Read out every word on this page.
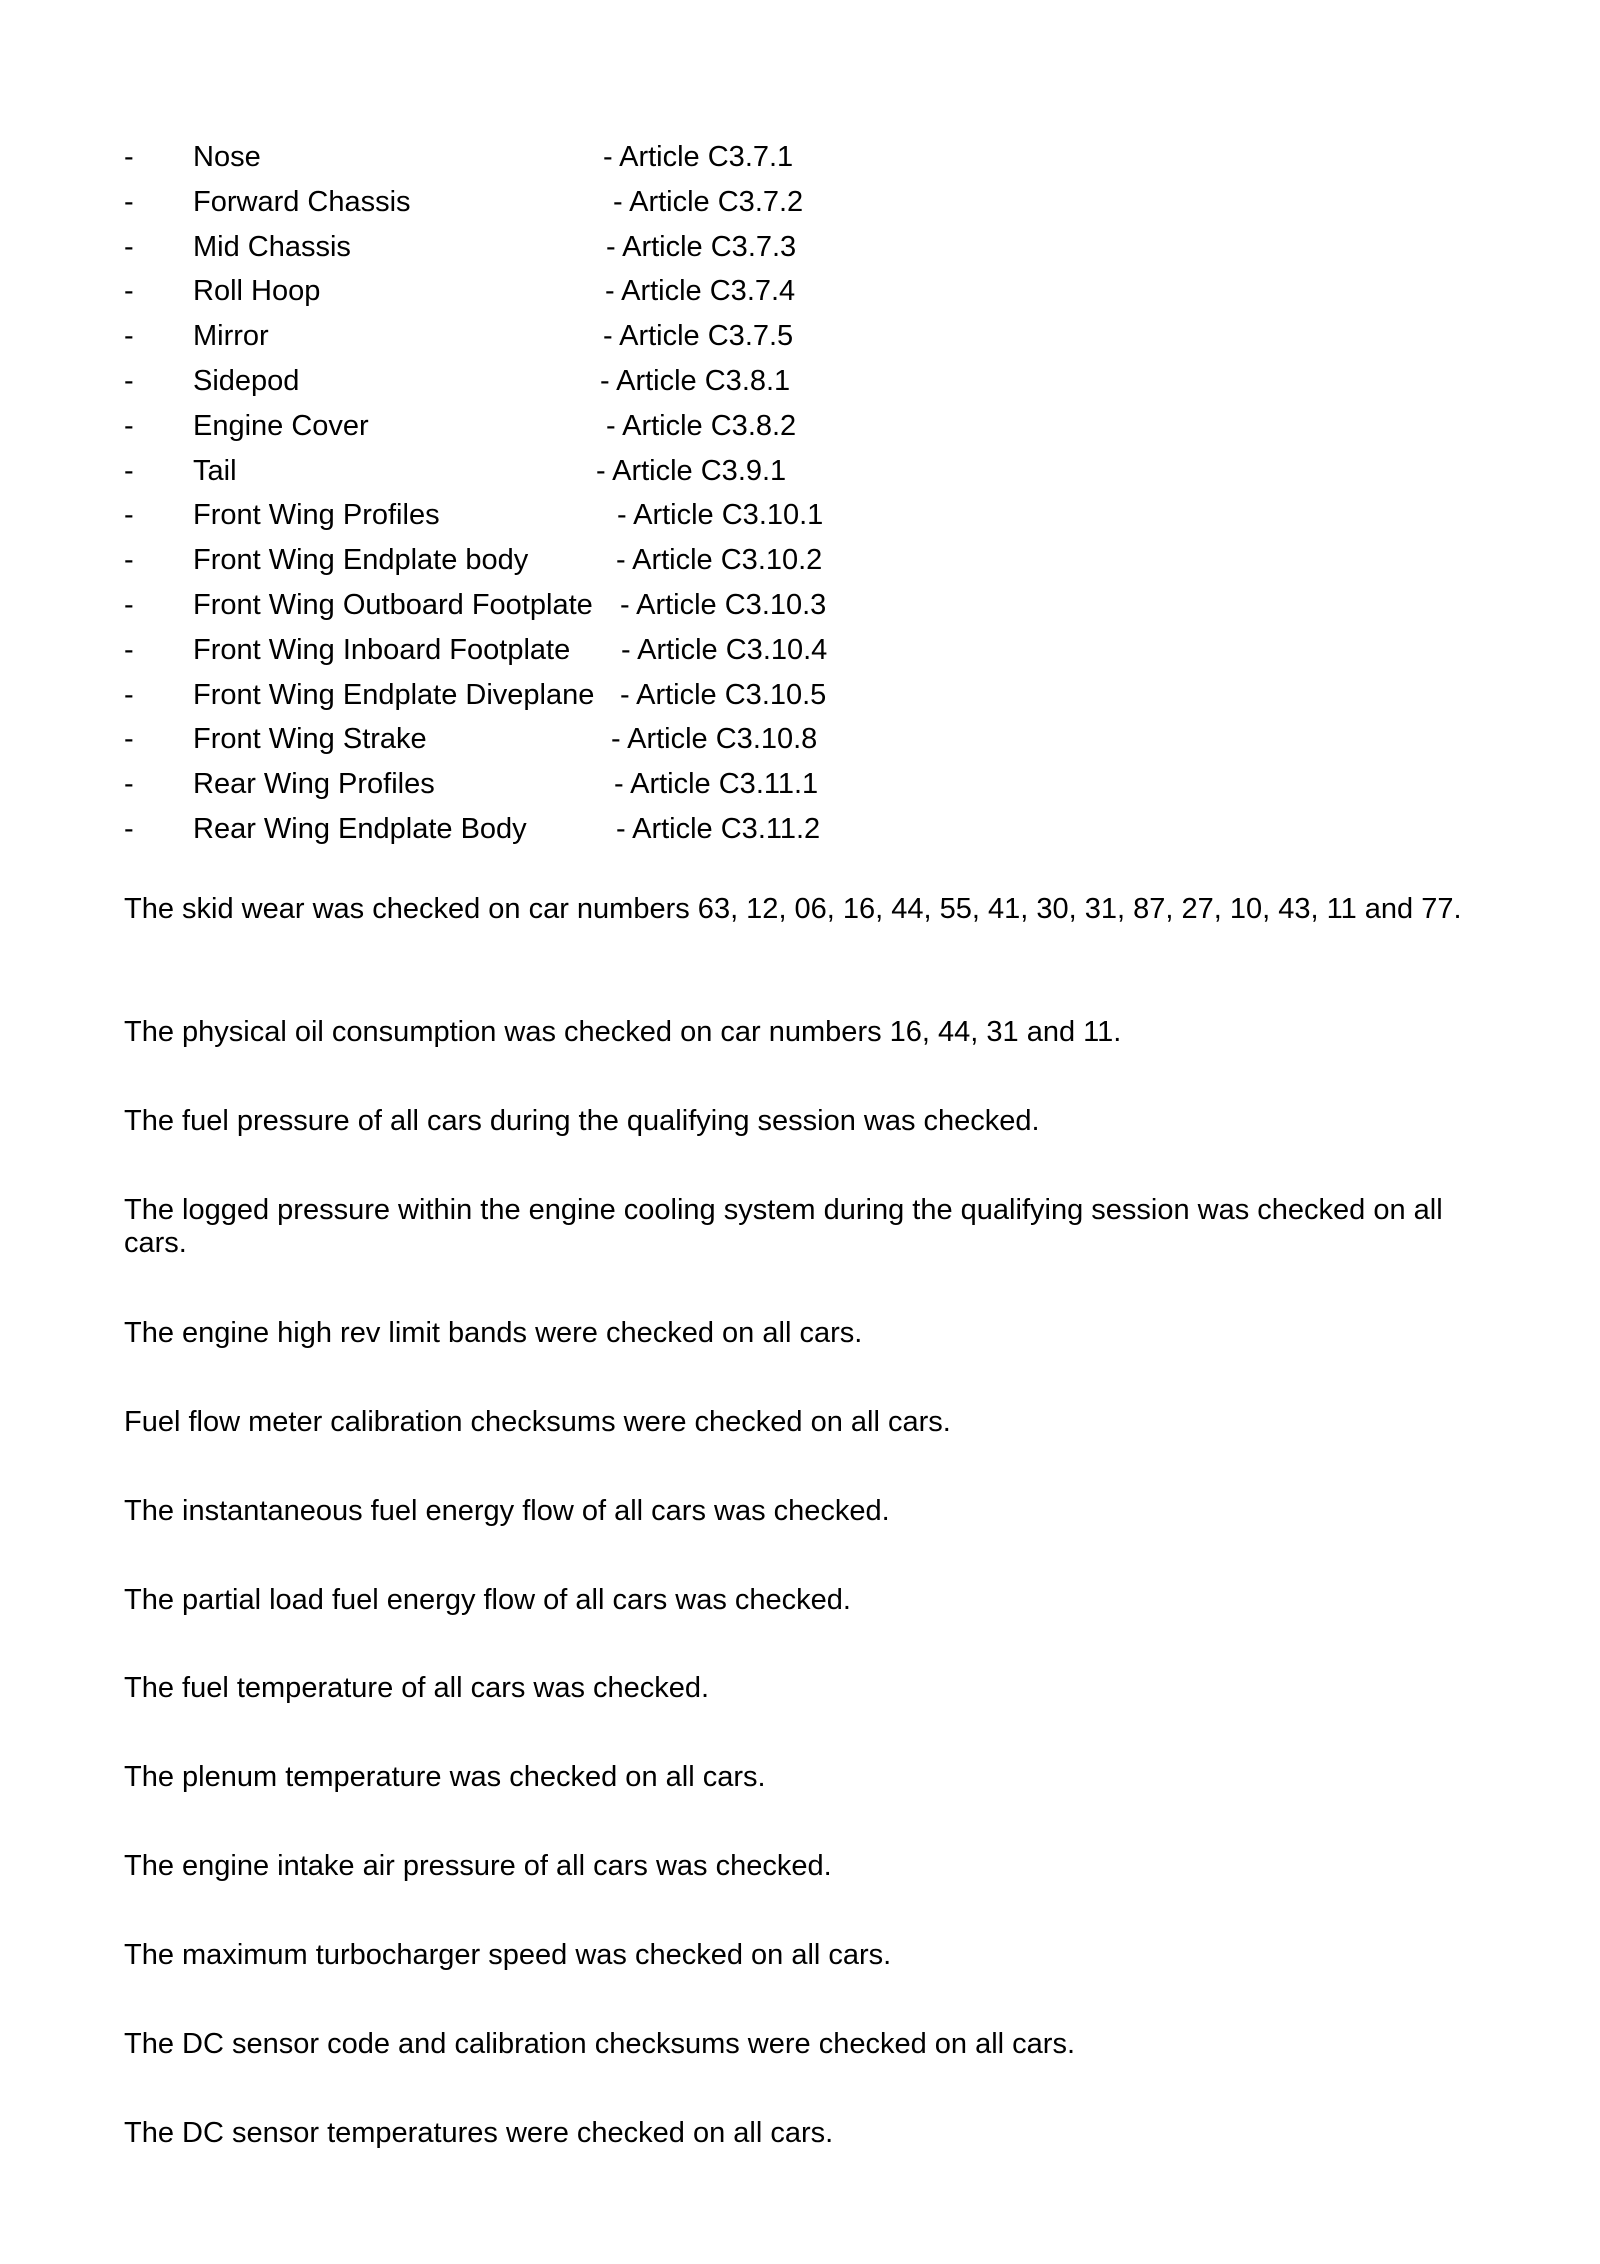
- Nose	- Article C3.7.1
- Forward Chassis	- Article C3.7.2
- Mid Chassis	- Article C3.7.3
- Roll Hoop	- Article C3.7.4
- Mirror	- Article C3.7.5
- Sidepod	- Article C3.8.1
- Engine Cover	- Article C3.8.2
- Tail	- Article C3.9.1
- Front Wing Profiles	- Article C3.10.1
- Front Wing Endplate body	- Article C3.10.2
- Front Wing Outboard Footplate - Article C3.10.3
- Front Wing Inboard Footplate - Article C3.10.4
- Front Wing Endplate Diveplane - Article C3.10.5
- Front Wing Strake	- Article C3.10.8
- Rear Wing Profiles	- Article C3.11.1
- Rear Wing Endplate Body	- Article C3.11.2

The skid wear was checked on car numbers 63, 12, 06, 16, 44, 55, 41, 30, 31, 87, 27, 10, 43, 11 and 77.

The physical oil consumption was checked on car numbers 16, 44, 31 and 11.

The fuel pressure of all cars during the qualifying session was checked.

The logged pressure within the engine cooling system during the qualifying session was checked on all cars.

The engine high rev limit bands were checked on all cars.

Fuel flow meter calibration checksums were checked on all cars.

The instantaneous fuel energy flow of all cars was checked.

The partial load fuel energy flow of all cars was checked.

The fuel temperature of all cars was checked.

The plenum temperature was checked on all cars.

The engine intake air pressure of all cars was checked.

The maximum turbocharger speed was checked on all cars.

The DC sensor code and calibration checksums were checked on all cars.

The DC sensor temperatures were checked on all cars.
